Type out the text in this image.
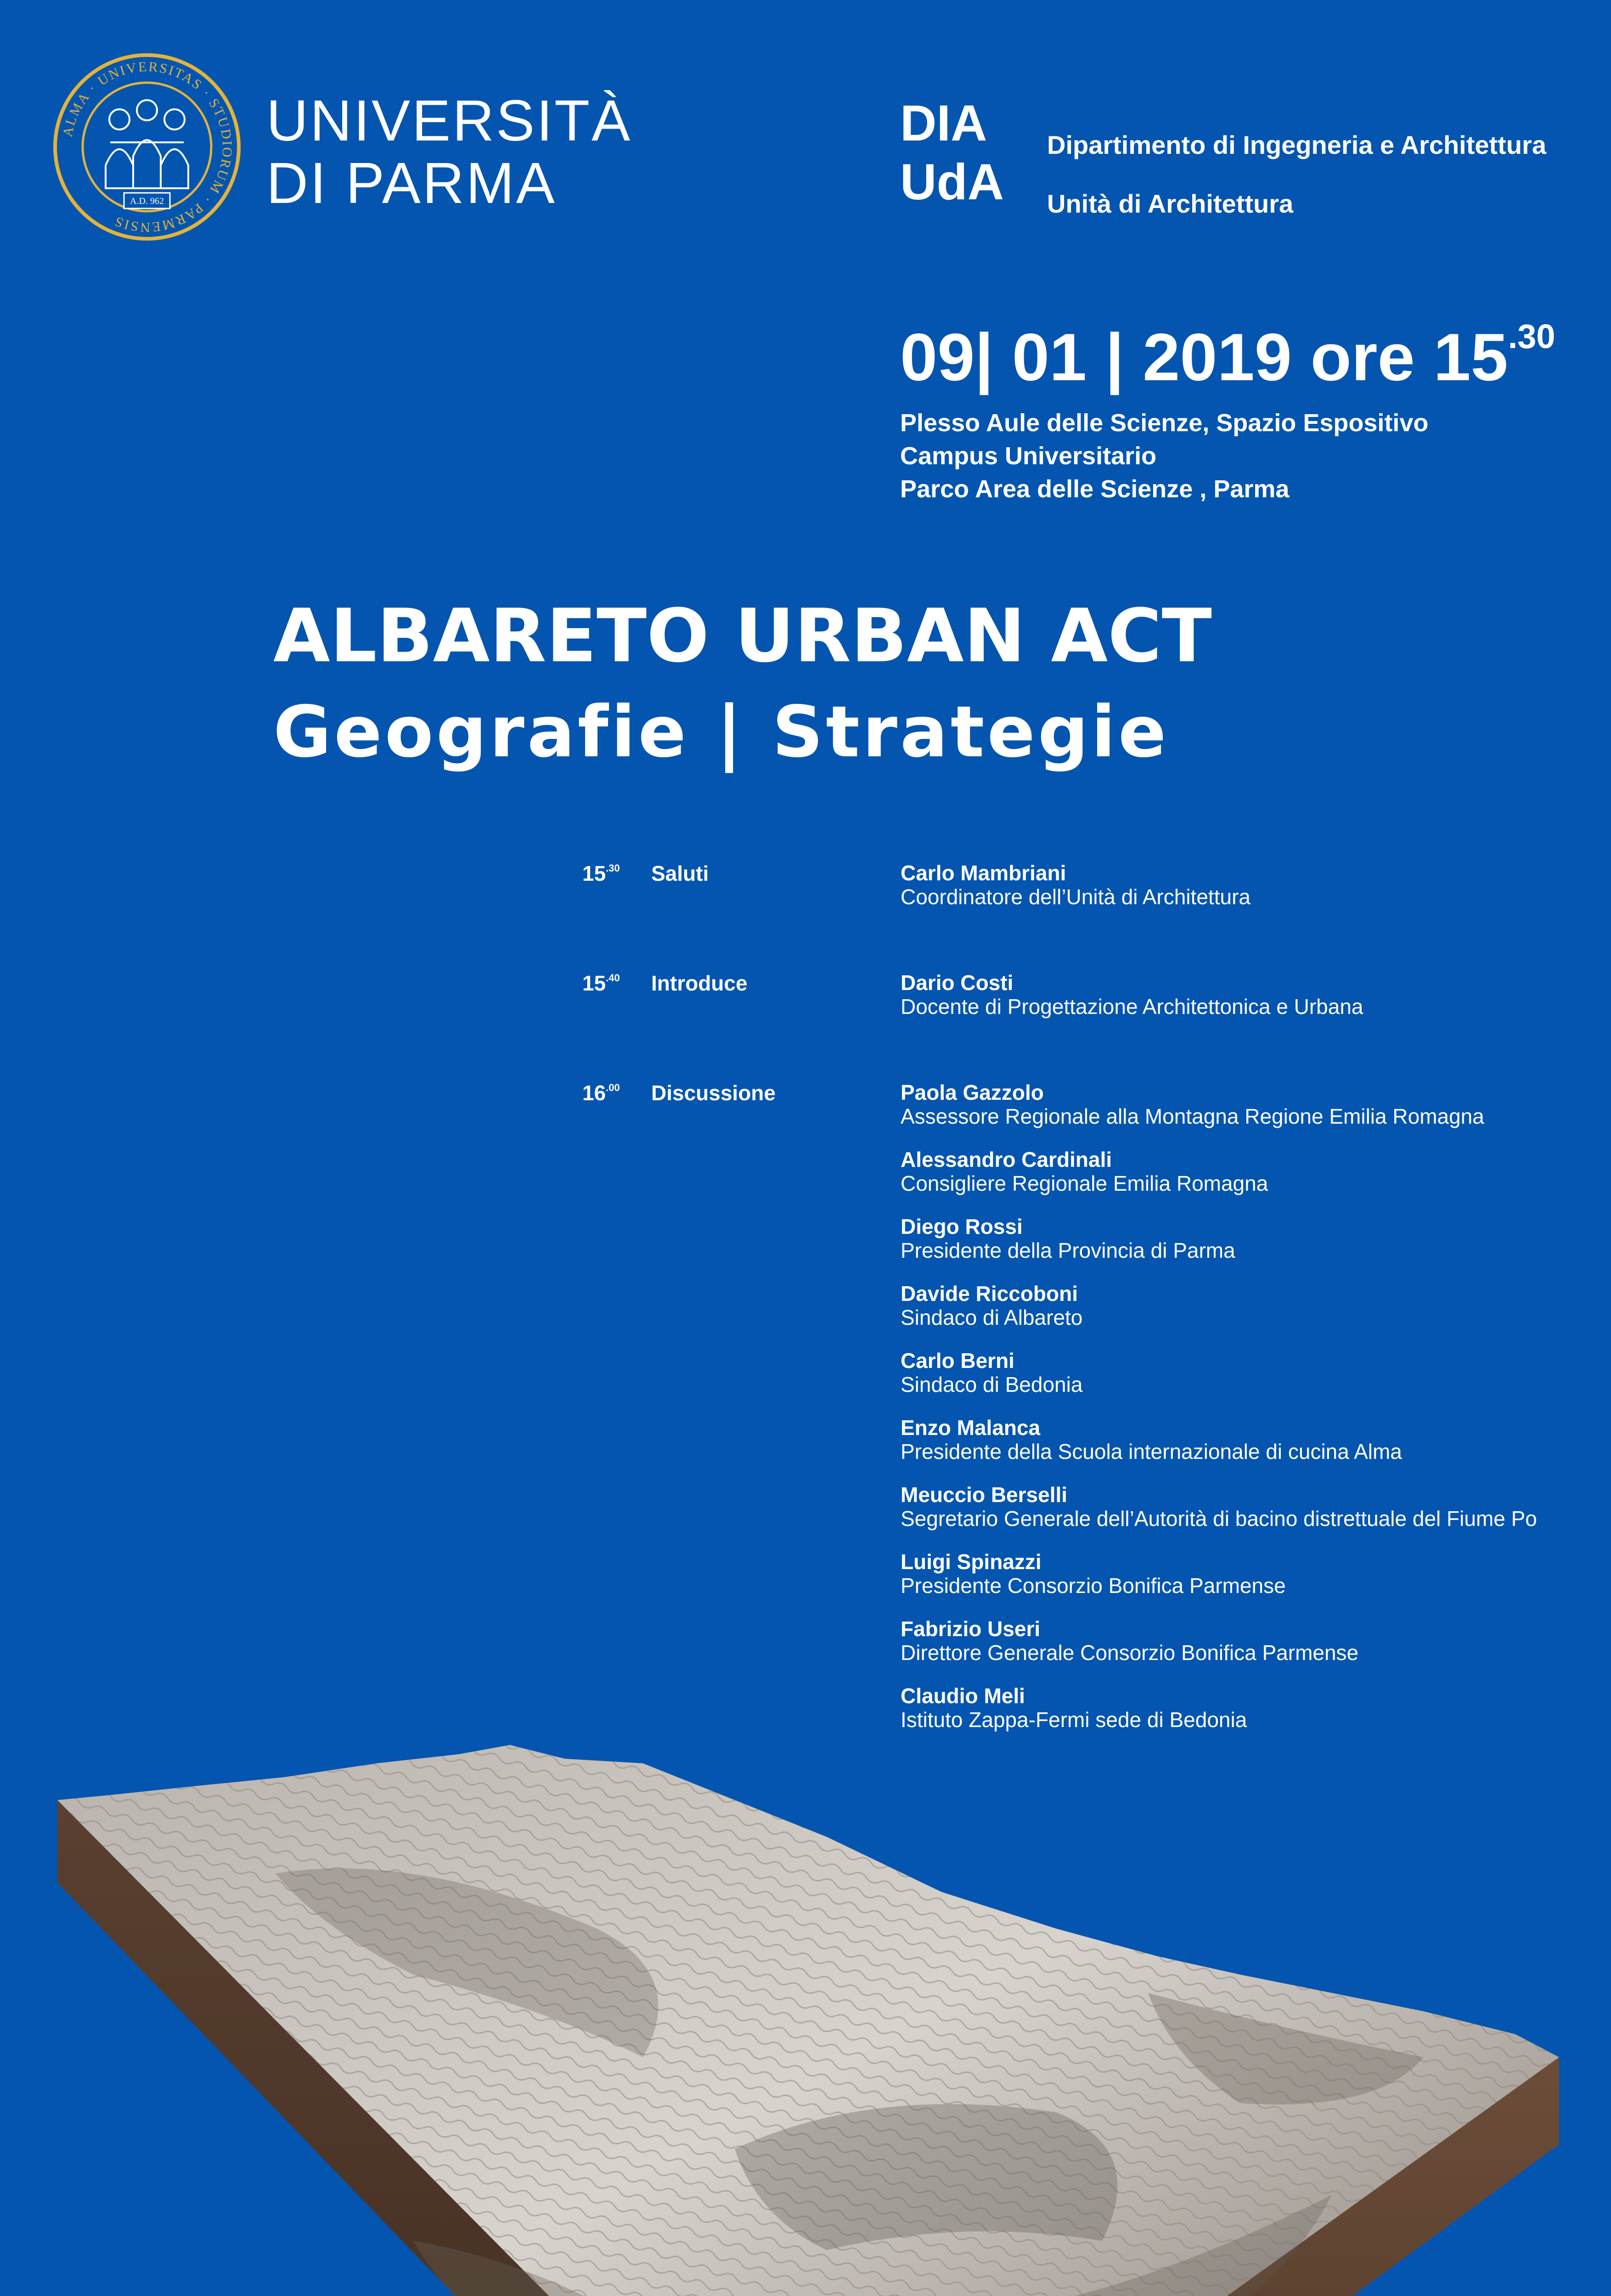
ALMA · UNIVERSITAS · STUDIORUM · PARMENSIS
A.D. 962
UNIVERSITÀ
DI PARMA
DIA
UdA
Dipartimento di Ingegneria e Architettura
Unità di Architettura
09| 01 | 2019 ore $15^{.30}$
Plesso Aule delle Scienze, Spazio Espositivo
Campus Universitario
Parco Area delle Scienze , Parma
ALBARETO URBAN ACT
Geografie | Strategie
$15^{.30}$ Saluti	Carlo Mambriani
Coordinatore dell’Unità di Architettura
$15^{.40}$ Introduce	Dario Costi
Docente di Progettazione Architettonica e Urbana
$16^{.00}$ Discussione	Paola Gazzolo
Assessore Regionale alla Montagna Regione Emilia Romagna
Alessandro Cardinali
Consigliere Regionale Emilia Romagna
Diego Rossi
Presidente della Provincia di Parma
Davide Riccoboni
Sindaco di Albareto
Carlo Berni
Sindaco di Bedonia
Enzo Malanca
Presidente della Scuola internazionale di cucina Alma
Meuccio Berselli
Segretario Generale dell’Autorità di bacino distrettuale del Fiume Po
Luigi Spinazzi
Presidente Consorzio Bonifica Parmense
Fabrizio Useri
Direttore Generale Consorzio Bonifica Parmense
Claudio Meli
Istituto Zappa-Fermi sede di Bedonia
